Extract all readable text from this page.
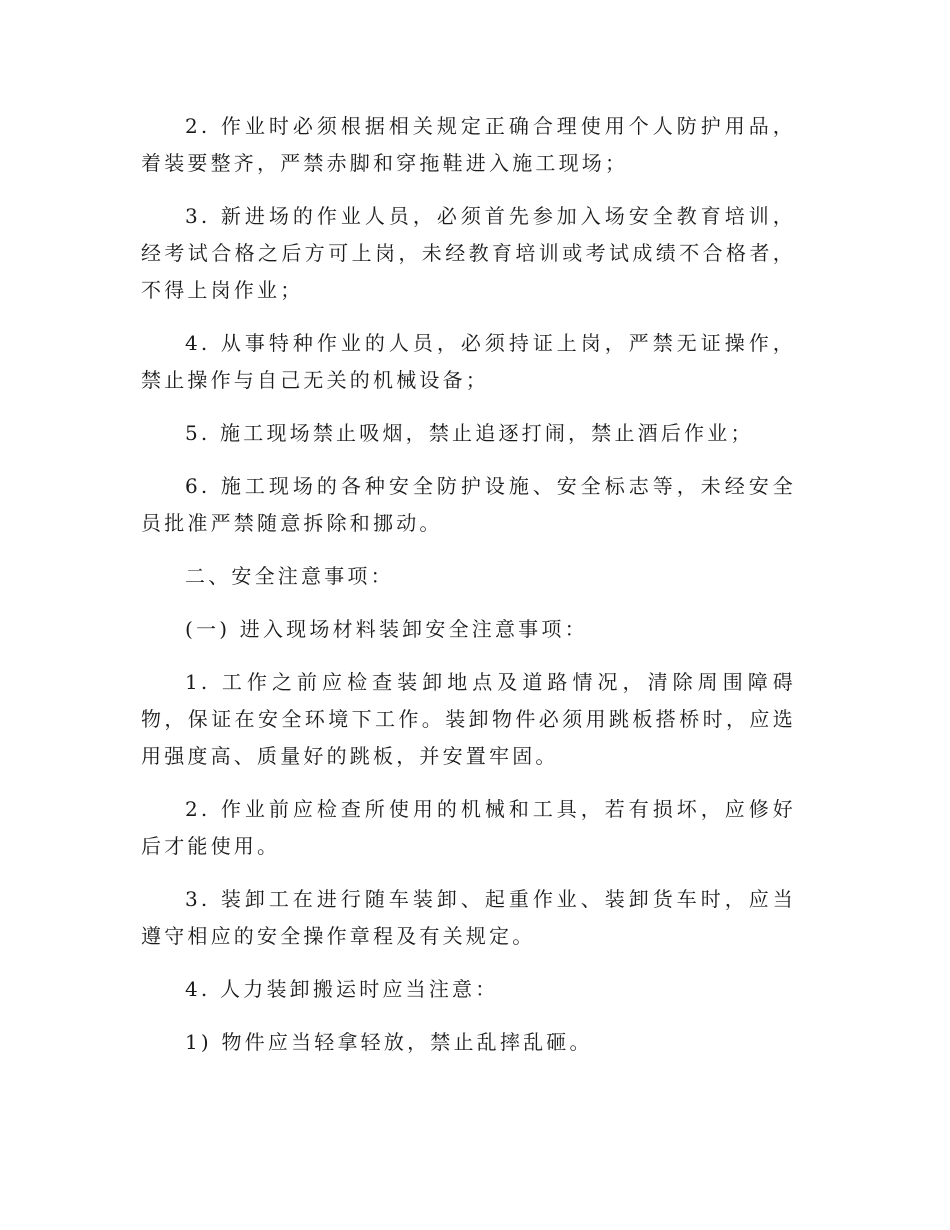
2. 作业时必须根据相关规定正确合理使用个人防护用品，着装要整齐，严禁赤脚和穿拖鞋进入施工现场；

3. 新进场的作业人员，必须首先参加入场安全教育培训，经考试合格之后方可上岗，未经教育培训或考试成绩不合格者，不得上岗作业；

4. 从事特种作业的人员，必须持证上岗，严禁无证操作，禁止操作与自己无关的机械设备；

5. 施工现场禁止吸烟，禁止追逐打闹，禁止酒后作业；

6. 施工现场的各种安全防护设施、安全标志等，未经安全员批准严禁随意拆除和挪动。

二、安全注意事项：

(一) 进入现场材料装卸安全注意事项：

1. 工作之前应检查装卸地点及道路情况，清除周围障碍物，保证在安全环境下工作。装卸物件必须用跳板搭桥时，应选用强度高、质量好的跳板，并安置牢固。

2. 作业前应检查所使用的机械和工具，若有损坏，应修好后才能使用。

3. 装卸工在进行随车装卸、起重作业、装卸货车时，应当遵守相应的安全操作章程及有关规定。

4. 人力装卸搬运时应当注意：

1) 物件应当轻拿轻放，禁止乱摔乱砸。
